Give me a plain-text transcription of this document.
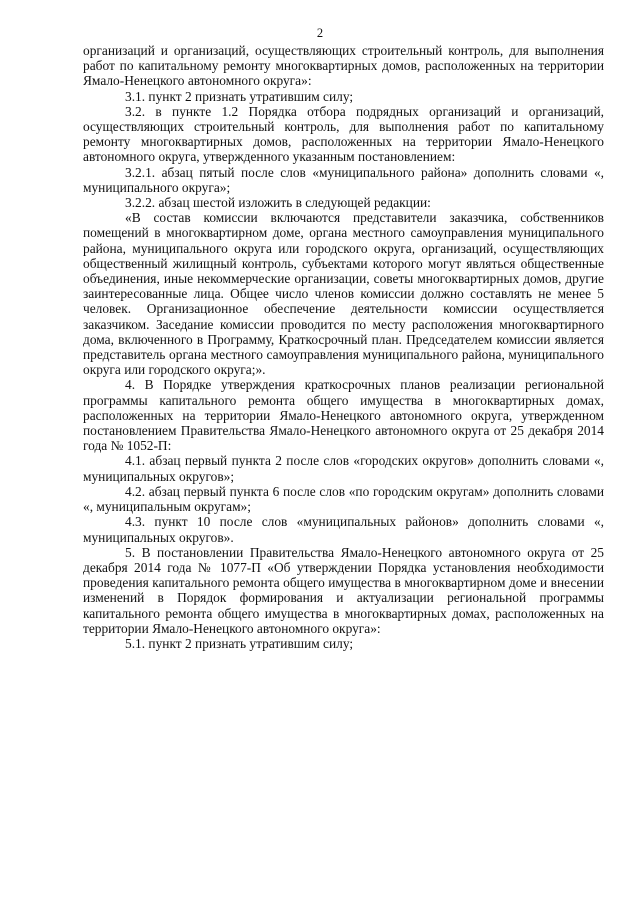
2

организаций и организаций, осуществляющих строительный контроль, для выполнения работ по капитальному ремонту многоквартирных домов, расположенных на территории Ямало-Ненецкого автономного округа»:

3.1. пункт 2 признать утратившим силу;

3.2. в пункте 1.2 Порядка отбора подрядных организаций и организаций, осуществляющих строительный контроль, для выполнения работ по капитальному ремонту многоквартирных домов, расположенных на территории Ямало-Ненецкого автономного округа, утвержденного указанным постановлением:

3.2.1. абзац пятый после слов «муниципального района» дополнить словами «, муниципального округа»;

3.2.2. абзац шестой изложить в следующей редакции:

«В состав комиссии включаются представители заказчика, собственников помещений в многоквартирном доме, органа местного самоуправления муниципального района, муниципального округа или городского округа, организаций, осуществляющих общественный жилищный контроль, субъектами которого могут являться общественные объединения, иные некоммерческие организации, советы многоквартирных домов, другие заинтересованные лица. Общее число членов комиссии должно составлять не менее 5 человек. Организационное обеспечение деятельности комиссии осуществляется заказчиком. Заседание комиссии проводится по месту расположения многоквартирного дома, включенного в Программу, Краткосрочный план. Председателем комиссии является представитель органа местного самоуправления муниципального района, муниципального округа или городского округа;».

4. В Порядке утверждения краткосрочных планов реализации региональной программы капитального ремонта общего имущества в многоквартирных домах, расположенных на территории Ямало-Ненецкого автономного округа, утвержденном постановлением Правительства Ямало-Ненецкого автономного округа от 25 декабря 2014 года № 1052-П:

4.1. абзац первый пункта 2 после слов «городских округов» дополнить словами «, муниципальных округов»;

4.2. абзац первый пункта 6 после слов «по городским округам» дополнить словами «, муниципальным округам»;

4.3. пункт 10 после слов «муниципальных районов» дополнить словами «, муниципальных округов».

5. В постановлении Правительства Ямало-Ненецкого автономного округа от 25 декабря 2014 года № 1077-П «Об утверждении Порядка установления необходимости проведения капитального ремонта общего имущества в многоквартирном доме и внесении изменений в Порядок формирования и актуализации региональной программы капитального ремонта общего имущества в многоквартирных домах, расположенных на территории Ямало-Ненецкого автономного округа»:

5.1. пункт 2 признать утратившим силу;
